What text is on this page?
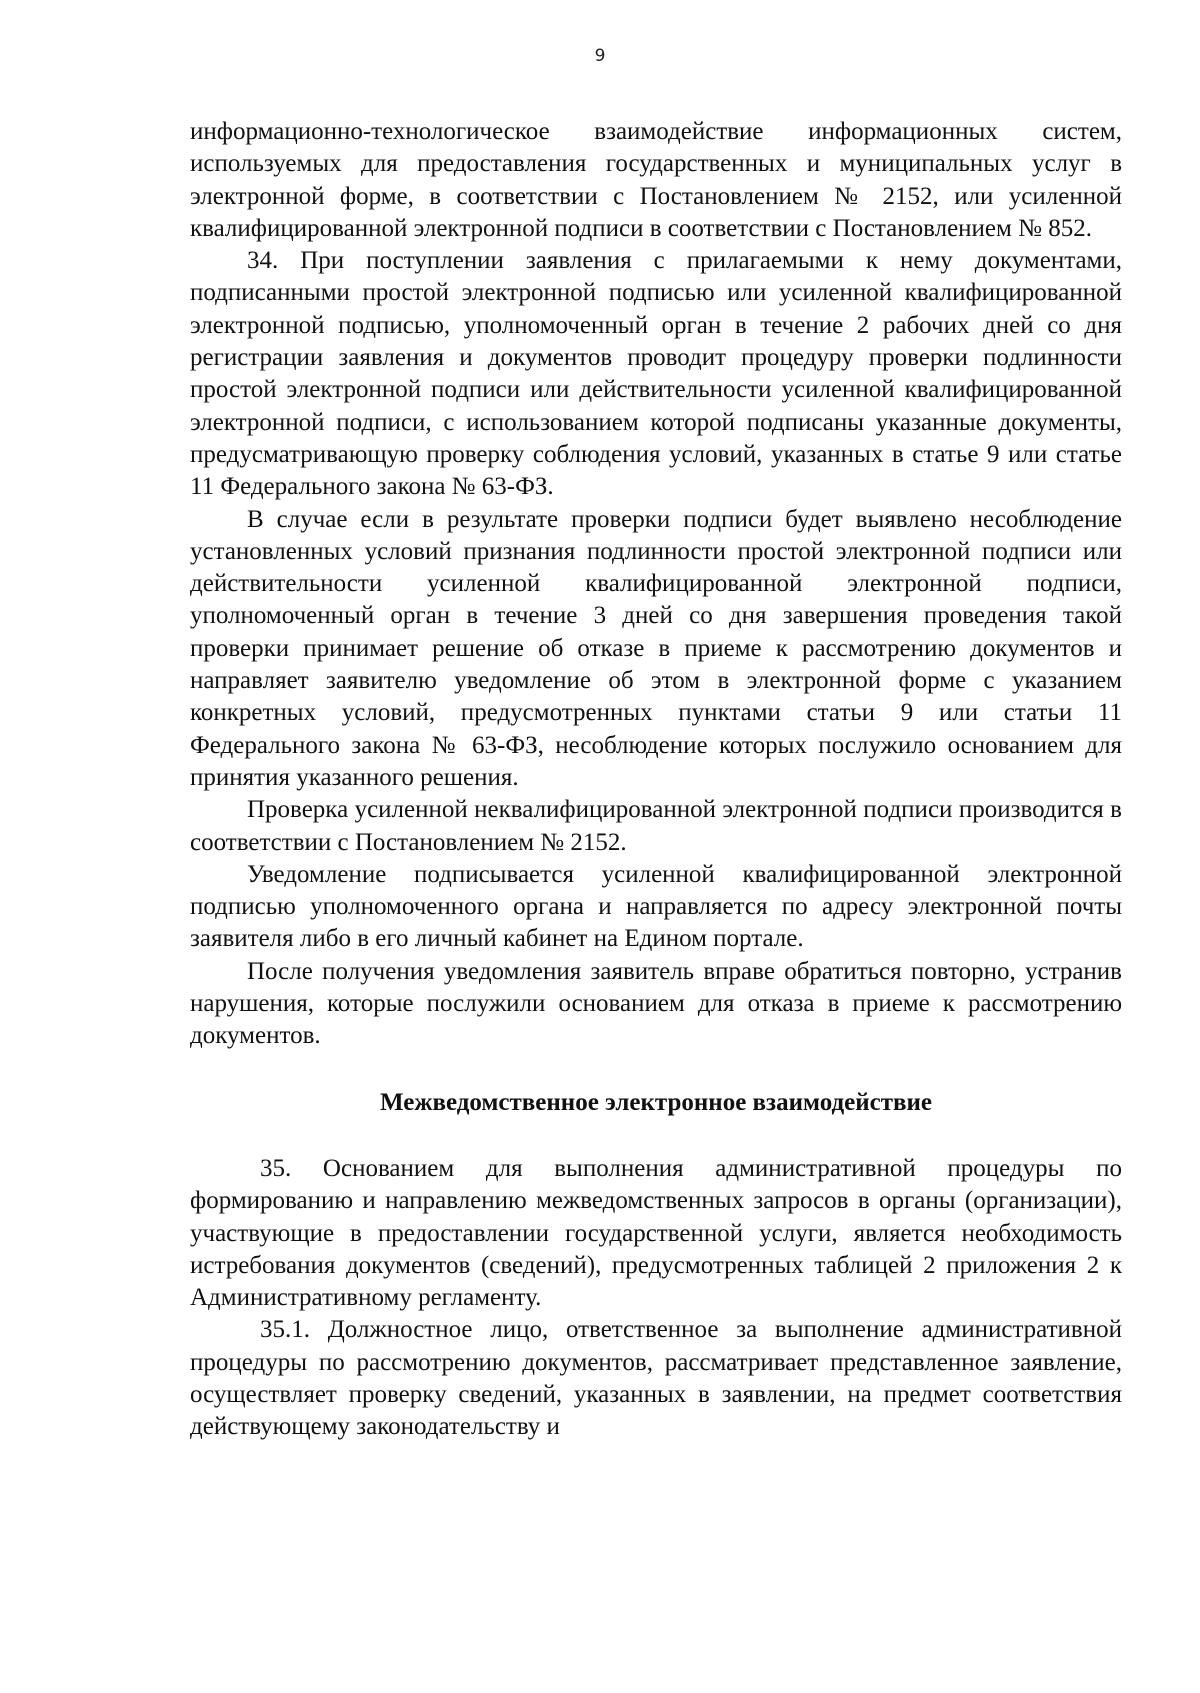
9

информационно-технологическое взаимодействие информационных систем, используемых для предоставления государственных и муниципальных услуг в электронной форме, в соответствии с Постановлением № 2152, или усиленной квалифицированной электронной подписи в соответствии с Постановлением № 852.

34. При поступлении заявления с прилагаемыми к нему документами, подписанными простой электронной подписью или усиленной квалифицированной электронной подписью, уполномоченный орган в течение 2 рабочих дней со дня регистрации заявления и документов проводит процедуру проверки подлинности простой электронной подписи или действительности усиленной квалифицированной электронной подписи, с использованием которой подписаны указанные документы, предусматривающую проверку соблюдения условий, указанных в статье 9 или статье 11 Федерального закона № 63-ФЗ.

В случае если в результате проверки подписи будет выявлено несоблюдение установленных условий признания подлинности простой электронной подписи или действительности усиленной квалифицированной электронной подписи, уполномоченный орган в течение 3 дней со дня завершения проведения такой проверки принимает решение об отказе в приеме к рассмотрению документов и направляет заявителю уведомление об этом в электронной форме с указанием конкретных условий, предусмотренных пунктами статьи 9 или статьи 11 Федерального закона № 63-ФЗ, несоблюдение которых послужило основанием для принятия указанного решения.

Проверка усиленной неквалифицированной электронной подписи производится в соответствии с Постановлением № 2152.

Уведомление подписывается усиленной квалифицированной электронной подписью уполномоченного органа и направляется по адресу электронной почты заявителя либо в его личный кабинет на Едином портале.

После получения уведомления заявитель вправе обратиться повторно, устранив нарушения, которые послужили основанием для отказа в приеме к рассмотрению документов.

Межведомственное электронное взаимодействие

35. Основанием для выполнения административной процедуры по формированию и направлению межведомственных запросов в органы (организации), участвующие в предоставлении государственной услуги, является необходимость истребования документов (сведений), предусмотренных таблицей 2 приложения 2 к Административному регламенту.

35.1. Должностное лицо, ответственное за выполнение административной процедуры по рассмотрению документов, рассматривает представленное заявление, осуществляет проверку сведений, указанных в заявлении, на предмет соответствия действующему законодательству и
